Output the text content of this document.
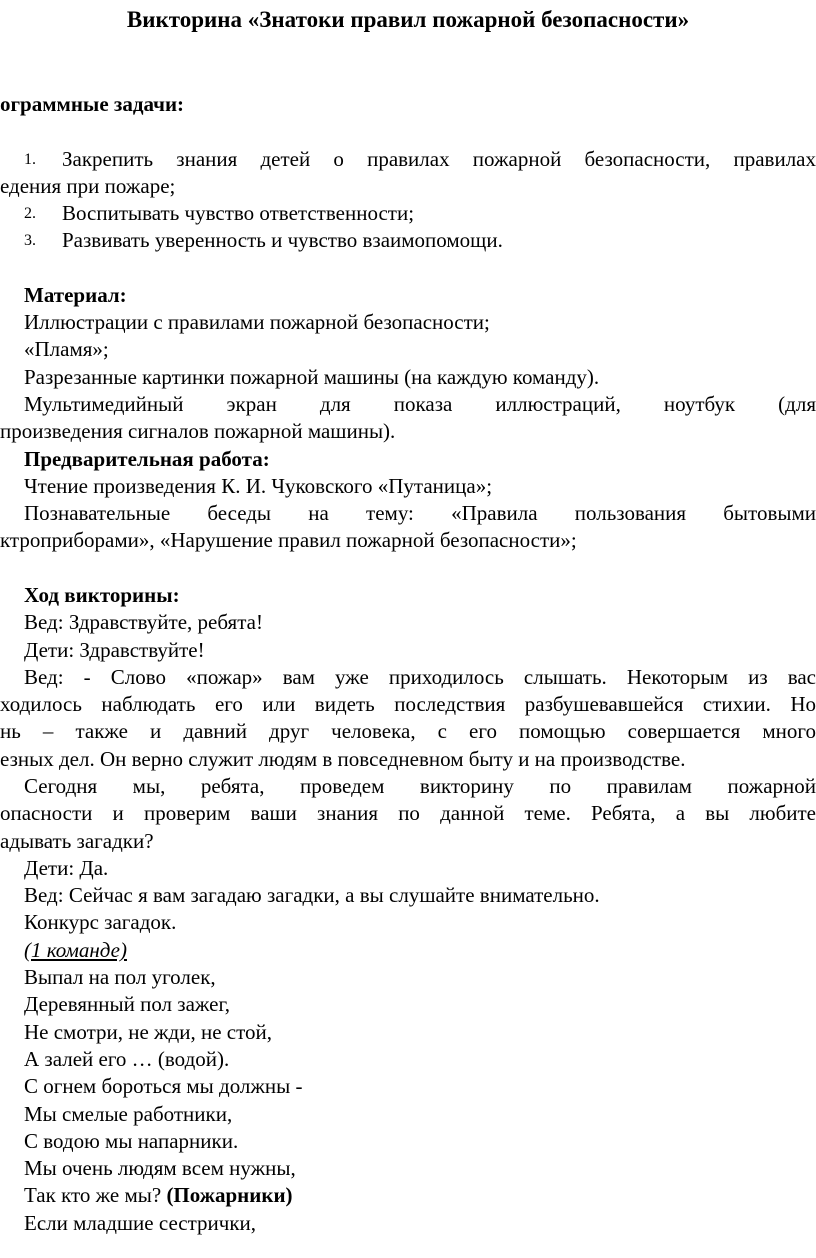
Викторина «Знатоки правил пожарной безопасности»
ограммные задачи:
1. Закрепить знания детей о правилах пожарной безопасности, правилах
едения при пожаре;
2. Воспитывать чувство ответственности;
3. Развивать уверенность и чувство взаимопомощи.
Материал:
Иллюстрации с правилами пожарной безопасности;
«Пламя»;
Разрезанные картинки пожарной машины (на каждую команду).
Мультимедийный экран для показа иллюстраций, ноутбук (для
произведения сигналов пожарной машины).
Предварительная работа:
Чтение произведения К. И. Чуковского «Путаница»;
Познавательные беседы на тему: «Правила пользования бытовыми
ктроприборами», «Нарушение правил пожарной безопасности»;
Ход викторины:
Вед: Здравствуйте, ребята!
Дети: Здравствуйте!
Вед: - Слово «пожар» вам уже приходилось слышать. Некоторым из вас
ходилось наблюдать его или видеть последствия разбушевавшейся стихии. Но
нь – также и давний друг человека, с его помощью совершается много
езных дел. Он верно служит людям в повседневном быту и на производстве.
Сегодня мы, ребята, проведем викторину по правилам пожарной
опасности и проверим ваши знания по данной теме. Ребята, а вы любите
адывать загадки?
Дети: Да.
Вед: Сейчас я вам загадаю загадки, а вы слушайте внимательно.
Конкурс загадок.
(1 команде)
Выпал на пол уголек,
Деревянный пол зажег,
Не смотри, не жди, не стой,
А залей его … (водой).
С огнем бороться мы должны -
Мы смелые работники,
С водою мы напарники.
Мы очень людям всем нужны,
Так кто же мы? (Пожарники)
Если младшие сестрички,
